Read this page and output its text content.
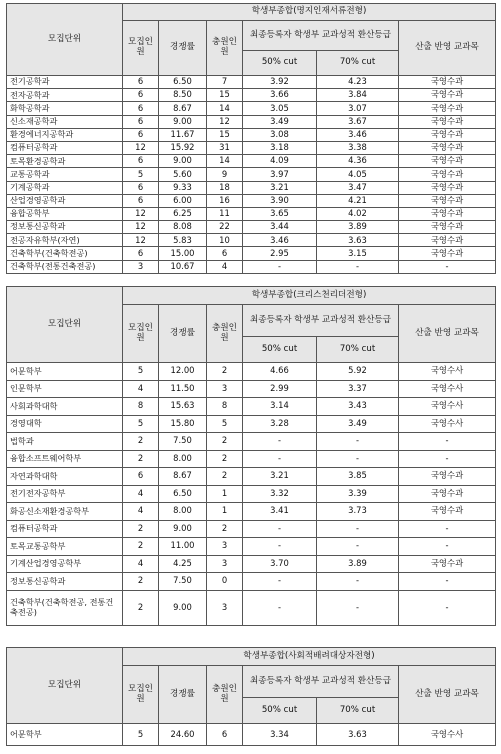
모집단위	학생부종합(명지인재서류전형)					
	모집인원	경쟁률	충원인원	최종등록자 학생부 교과성적 환산등급		산출 반영 교과목
				50% cut	70% cut	
전기공학과	6	6.50	7	3.92	4.23	국영수과
전자공학과	6	8.50	15	3.66	3.84	국영수과
화학공학과	6	8.67	14	3.05	3.07	국영수과
신소재공학과	6	9.00	12	3.49	3.67	국영수과
환경에너지공학과	6	11.67	15	3.08	3.46	국영수과
컴퓨터공학과	12	15.92	31	3.18	3.38	국영수과
토목환경공학과	6	9.00	14	4.09	4.36	국영수과
교통공학과	5	5.60	9	3.97	4.05	국영수과
기계공학과	6	9.33	18	3.21	3.47	국영수과
산업경영공학과	6	6.00	16	3.90	4.21	국영수과
융합공학부	12	6.25	11	3.65	4.02	국영수과
정보통신공학과	12	8.08	22	3.44	3.89	국영수과
전공자유학부(자연)	12	5.83	10	3.46	3.63	국영수과
건축학부(건축학전공)	6	15.00	6	2.95	3.15	국영수과
건축학부(전통건축전공)	3	10.67	4	-	-	-
모집단위	학생부종합(크리스천리더전형)					
	모집인원	경쟁률	충원인원	최종등록자 학생부 교과성적 환산등급		산출 반영 교과목
				50% cut	70% cut	
어문학부	5	12.00	2	4.66	5.92	국영수사
인문학부	4	11.50	3	2.99	3.37	국영수사
사회과학대학	8	15.63	8	3.14	3.43	국영수사
경영대학	5	15.80	5	3.28	3.49	국영수사
법학과	2	7.50	2	-	-	-
융합소프트웨어학부	2	8.00	2	-	-	-
자연과학대학	6	8.67	2	3.21	3.85	국영수과
전기전자공학부	4	6.50	1	3.32	3.39	국영수과
화공신소재환경공학부	4	8.00	1	3.41	3.73	국영수과
컴퓨터공학과	2	9.00	2	-	-	-
토목교통공학부	2	11.00	3	-	-	-
기계산업경영공학부	4	4.25	3	3.70	3.89	국영수과
정보통신공학과	2	7.50	0	-	-	-
건축학부(건축학전공, 전통건축전공)	2	9.00	3	-	-	-
모집단위	학생부종합(사회적배려대상자전형)					
	모집인원	경쟁률	충원인원	최종등록자 학생부 교과성적 환산등급		산출 반영 교과목
				50% cut	70% cut	
어문학부	5	24.60	6	3.34	3.63	국영수사
